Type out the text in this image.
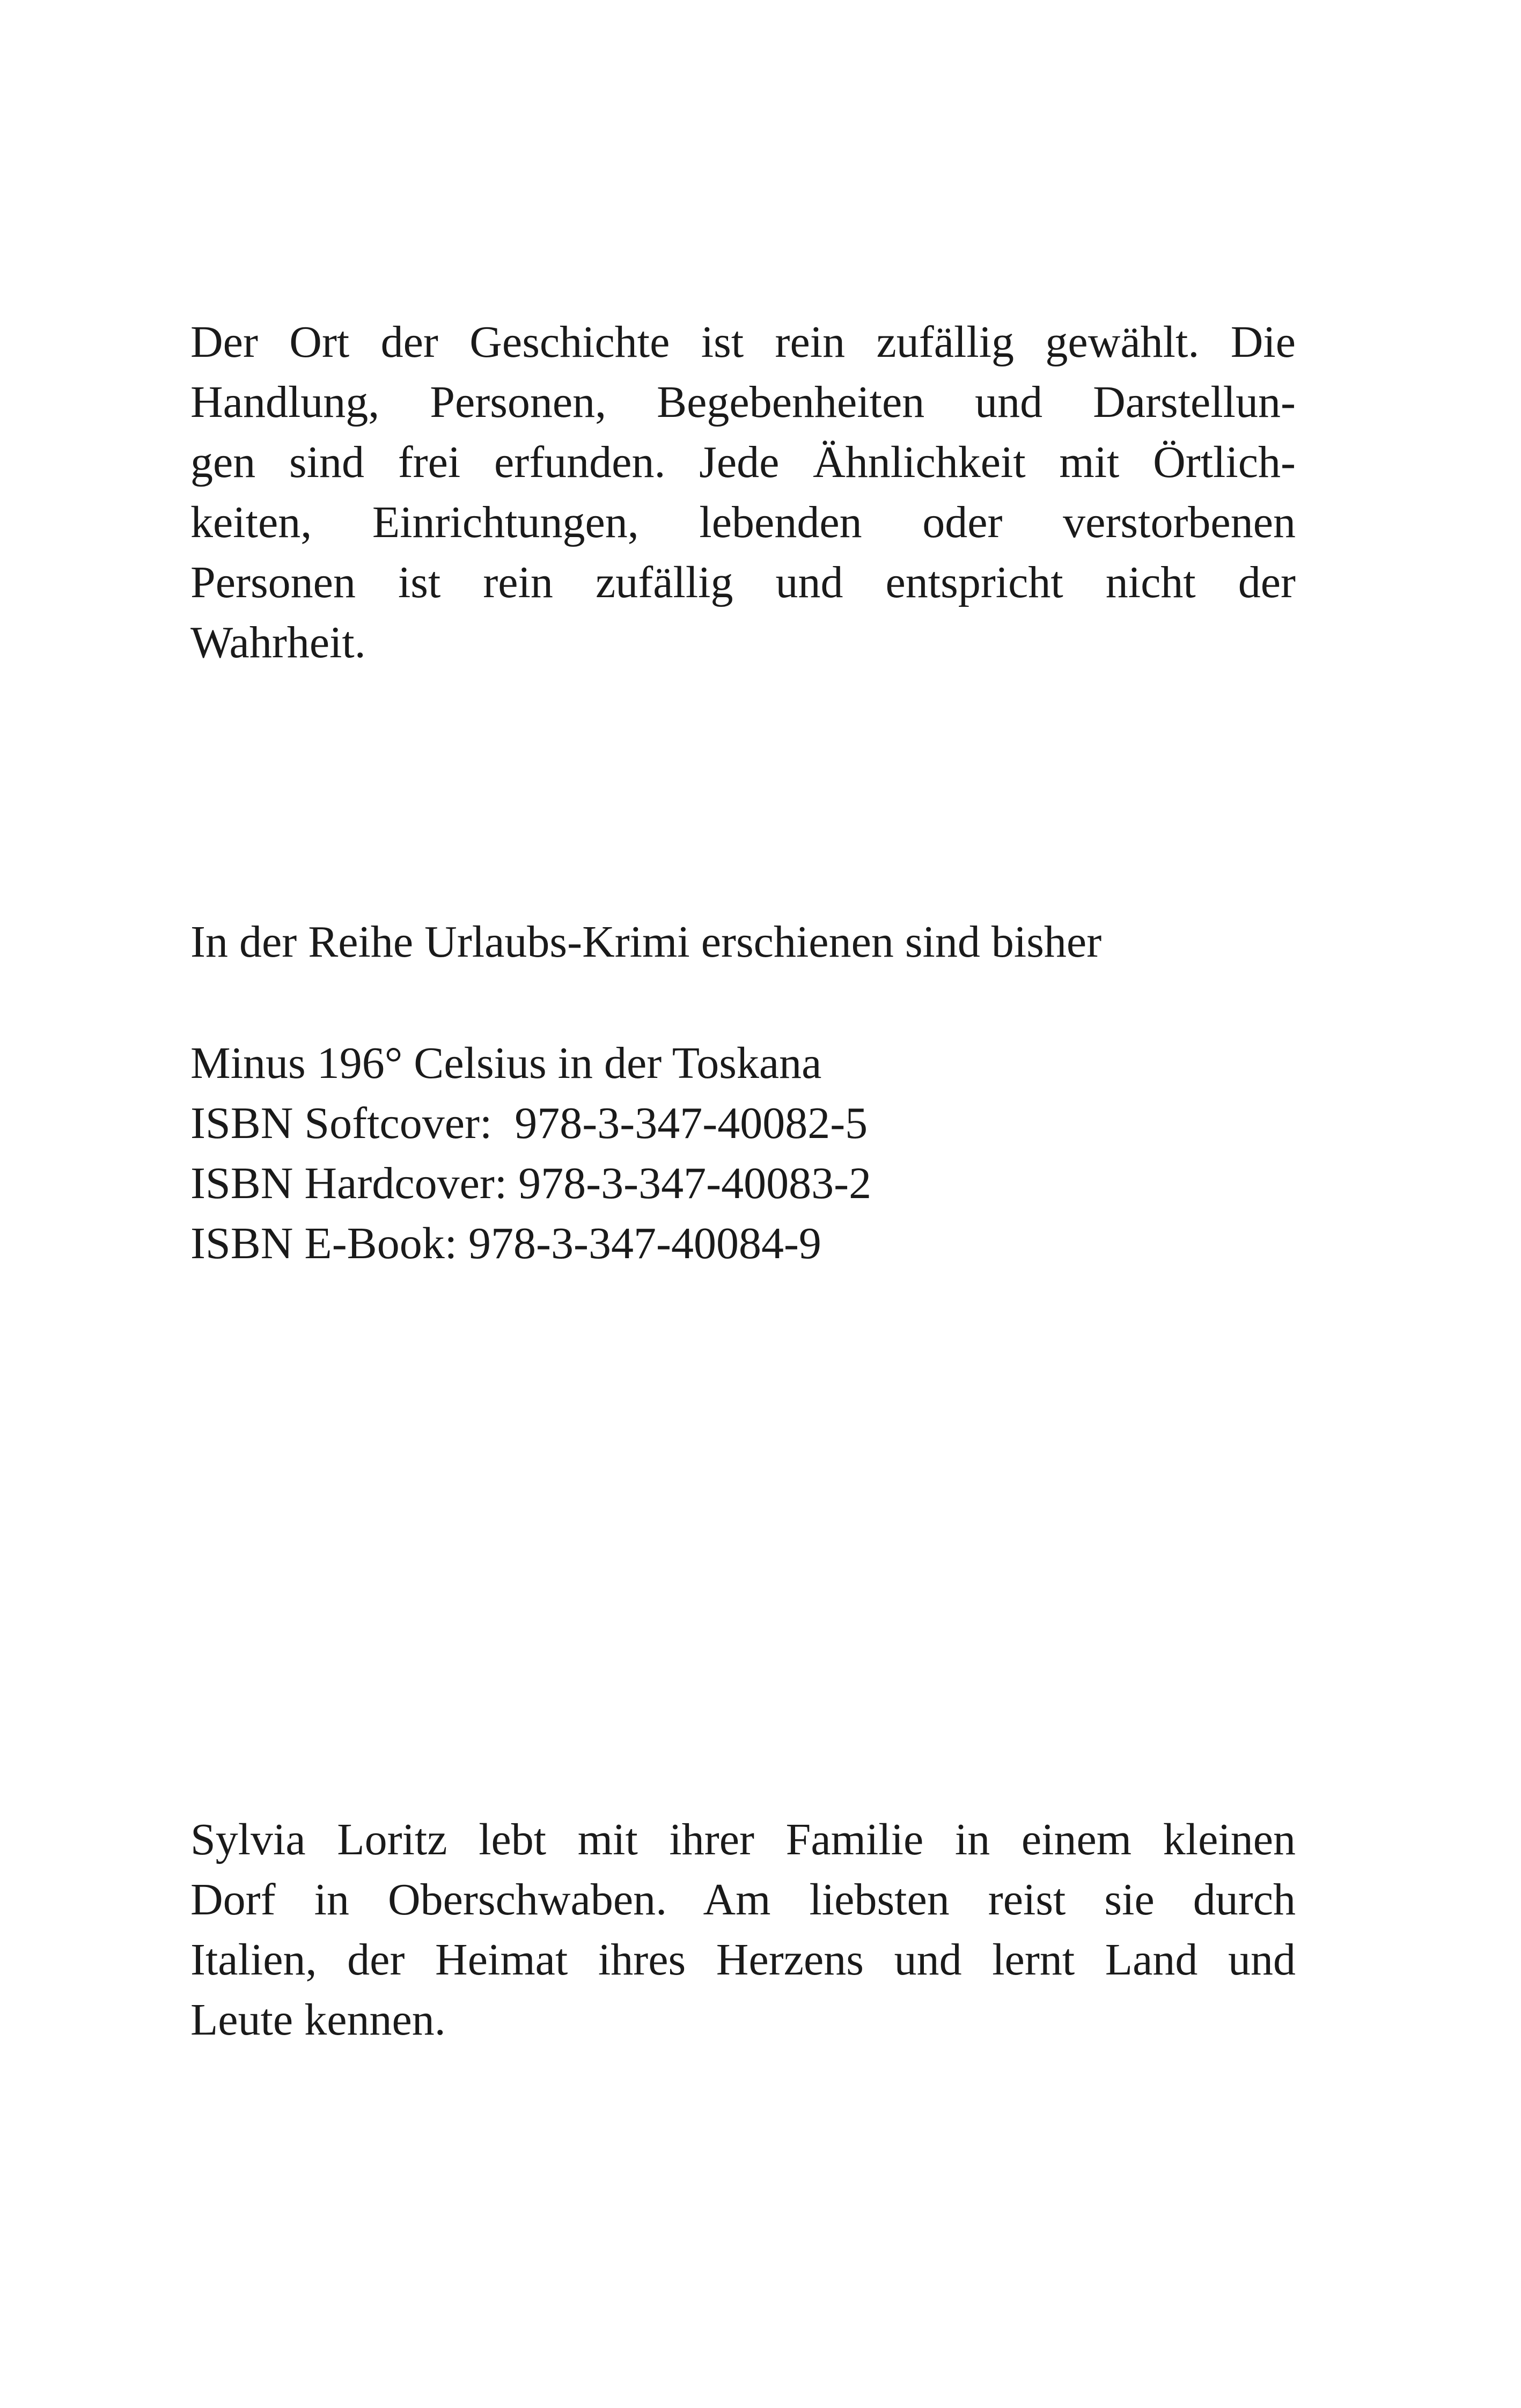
Der Ort der Geschichte ist rein zufällig gewählt. Die
Handlung, Personen, Begebenheiten und Darstellun-
gen sind frei erfunden. Jede Ähnlichkeit mit Örtlich-
keiten, Einrichtungen, lebenden oder verstorbenen
Personen ist rein zufällig und entspricht nicht der
Wahrheit.
In der Reihe Urlaubs-Krimi erschienen sind bisher
Minus 196° Celsius in der Toskana
ISBN Softcover:  978-3-347-40082-5
ISBN Hardcover: 978-3-347-40083-2
ISBN E-Book: 978-3-347-40084-9
Sylvia Loritz lebt mit ihrer Familie in einem kleinen
Dorf in Oberschwaben. Am liebsten reist sie durch
Italien, der Heimat ihres Herzens und lernt Land und
Leute kennen.
